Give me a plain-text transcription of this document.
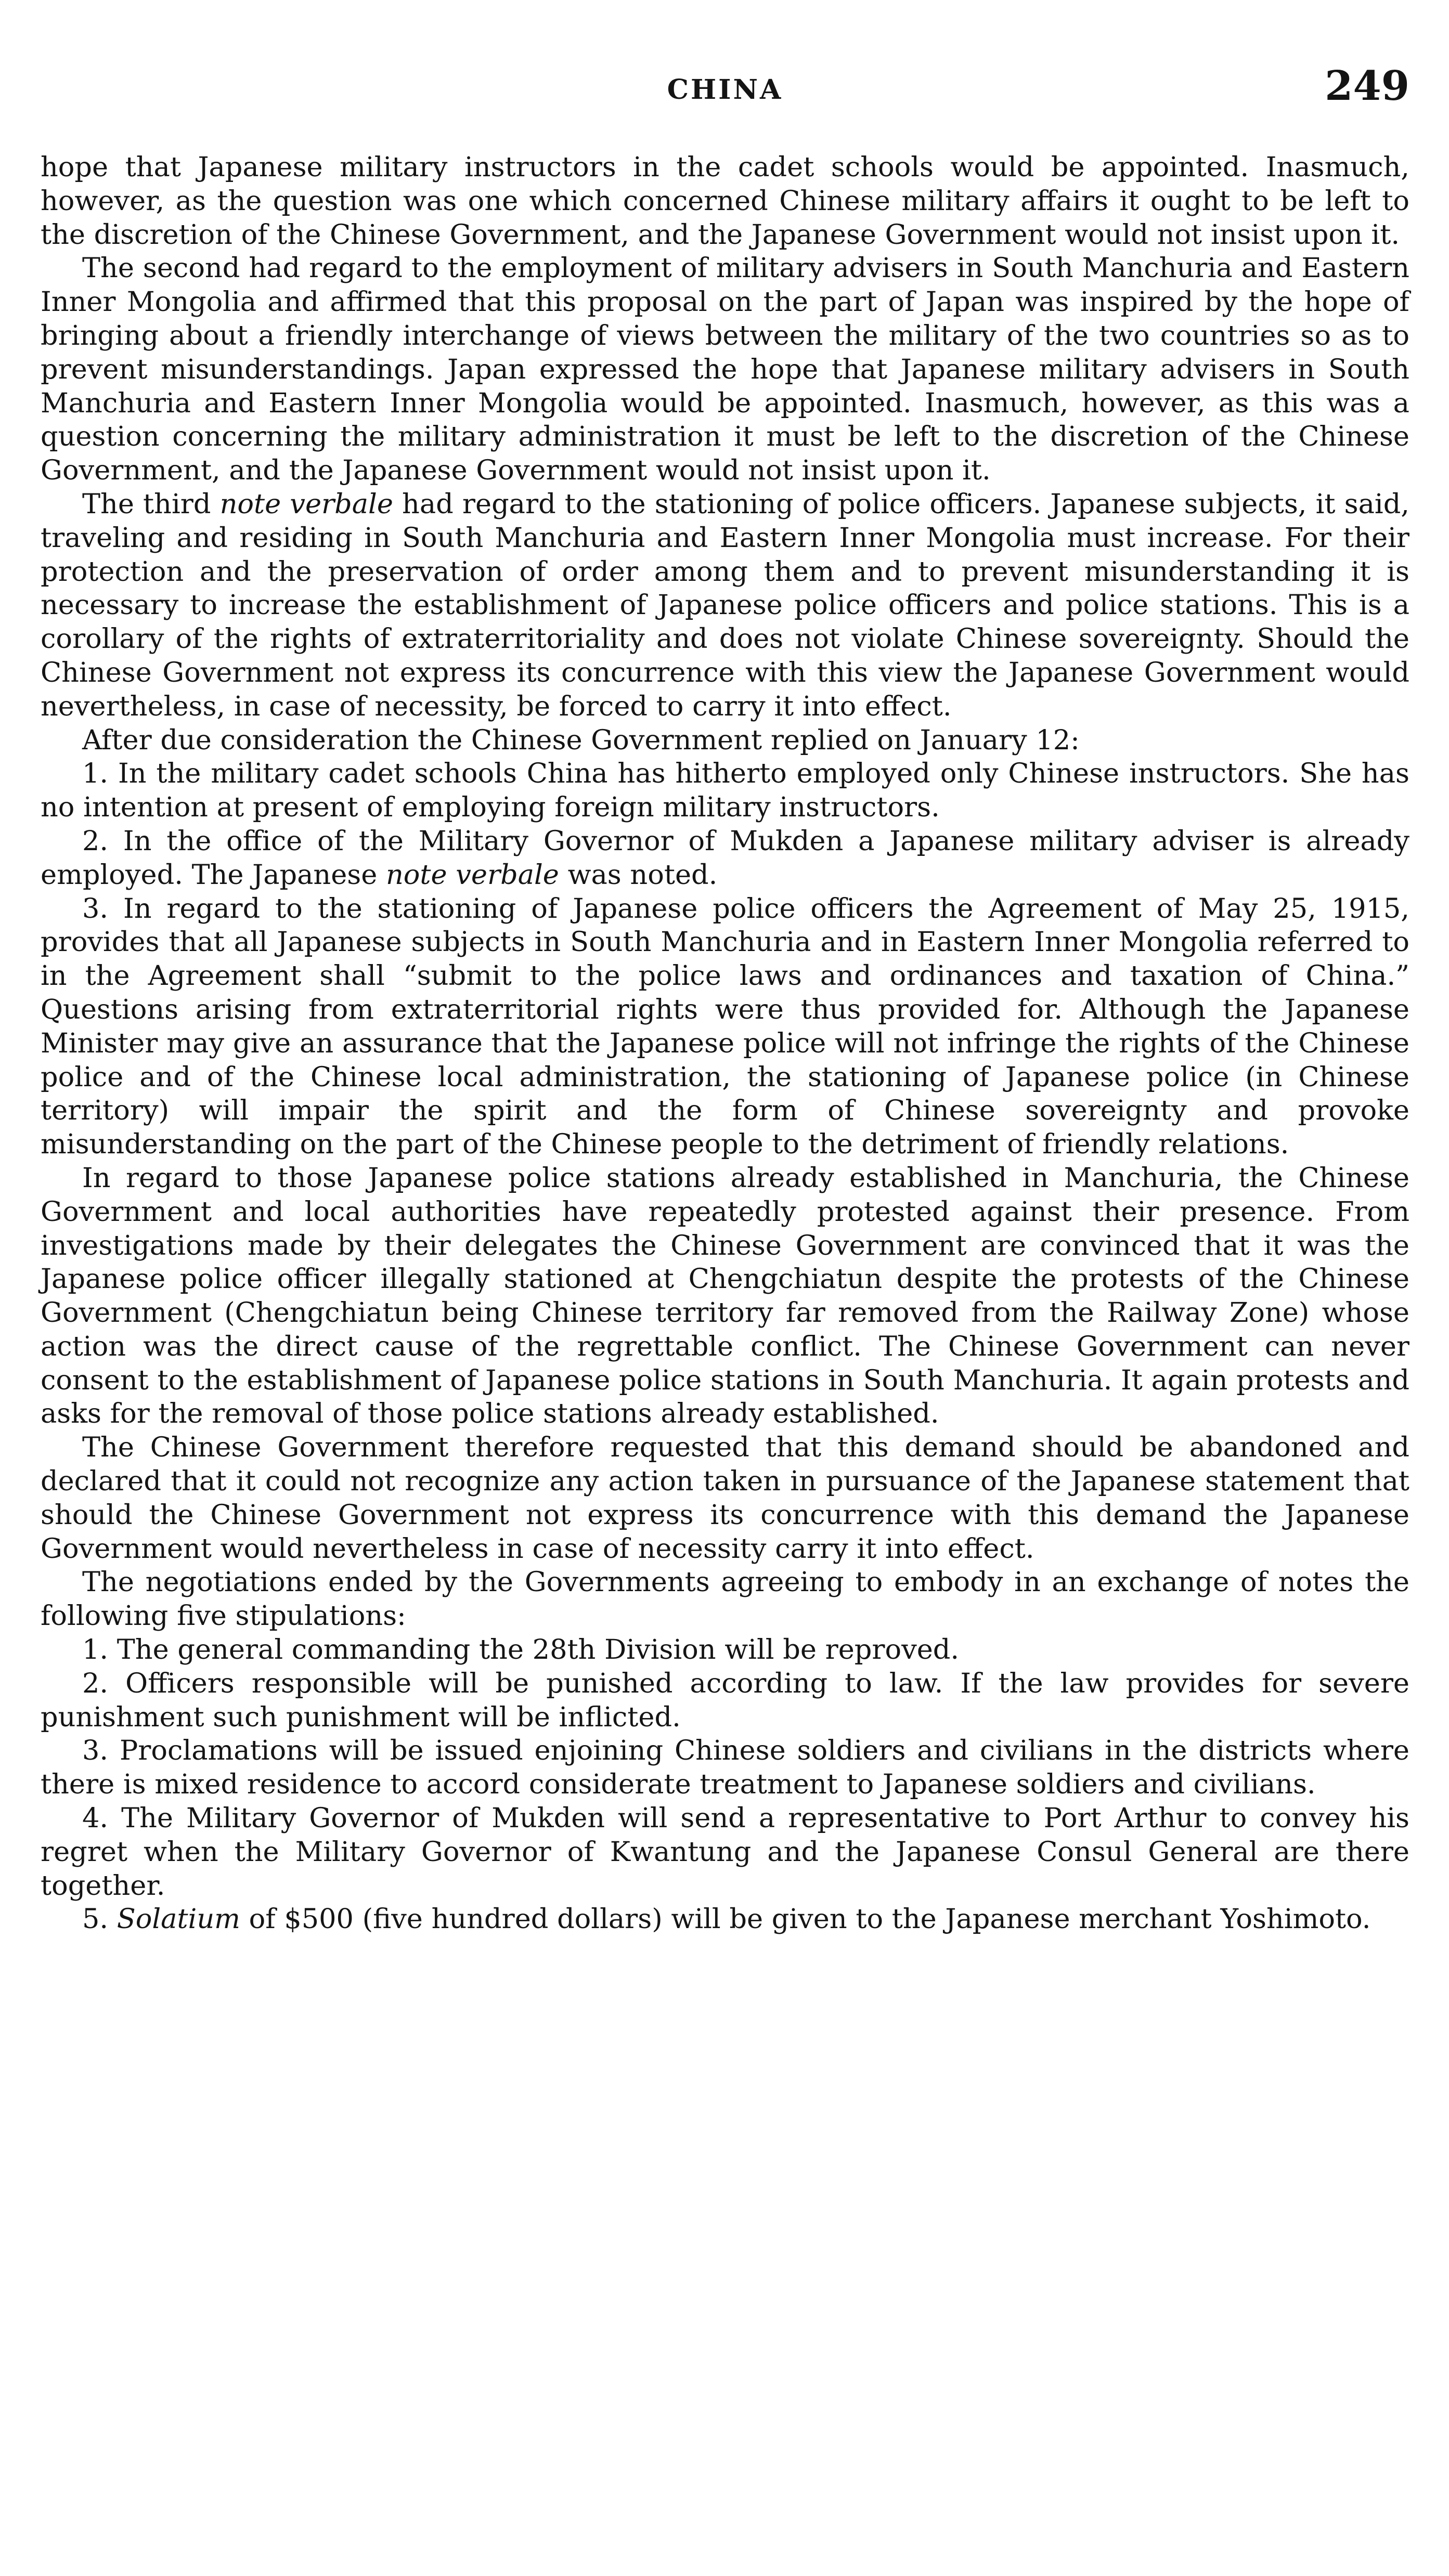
CHINA	249

hope that Japanese military instructors in the cadet schools would be appointed. Inasmuch, however, as the question was one which concerned Chinese military affairs it ought to be left to the discretion of the Chinese Government, and the Japanese Government would not insist upon it.

The second had regard to the employment of military advisers in South Manchuria and Eastern Inner Mongolia and affirmed that this proposal on the part of Japan was inspired by the hope of bringing about a friendly interchange of views between the military of the two countries so as to prevent misunderstandings. Japan expressed the hope that Japanese military advisers in South Manchuria and Eastern Inner Mongolia would be appointed. Inasmuch, however, as this was a question concerning the military administration it must be left to the discretion of the Chinese Government, and the Japanese Government would not insist upon it.

The third note verbale had regard to the stationing of police officers. Japanese subjects, it said, traveling and residing in South Manchuria and Eastern Inner Mongolia must increase. For their protection and the preservation of order among them and to prevent misunderstanding it is necessary to increase the establishment of Japanese police officers and police stations. This is a corollary of the rights of extraterritoriality and does not violate Chinese sovereignty. Should the Chinese Government not express its concurrence with this view the Japanese Government would nevertheless, in case of necessity, be forced to carry it into effect.

After due consideration the Chinese Government replied on January 12:

1. In the military cadet schools China has hitherto employed only Chinese instructors. She has no intention at present of employing foreign military instructors.

2. In the office of the Military Governor of Mukden a Japanese military adviser is already employed. The Japanese note verbale was noted.

3. In regard to the stationing of Japanese police officers the Agreement of May 25, 1915, provides that all Japanese subjects in South Manchuria and in Eastern Inner Mongolia referred to in the Agreement shall “submit to the police laws and ordinances and taxation of China.” Questions arising from extraterritorial rights were thus provided for. Although the Japanese Minister may give an assurance that the Japanese police will not infringe the rights of the Chinese police and of the Chinese local administration, the stationing of Japanese police (in Chinese territory) will impair the spirit and the form of Chinese sovereignty and provoke misunderstanding on the part of the Chinese people to the detriment of friendly relations.

In regard to those Japanese police stations already established in Manchuria, the Chinese Government and local authorities have repeatedly protested against their presence. From investigations made by their delegates the Chinese Government are convinced that it was the Japanese police officer illegally stationed at Chengchiatun despite the protests of the Chinese Government (Chengchiatun being Chinese territory far removed from the Railway Zone) whose action was the direct cause of the regrettable conflict. The Chinese Government can never consent to the establishment of Japanese police stations in South Manchuria. It again protests and asks for the removal of those police stations already established.

The Chinese Government therefore requested that this demand should be abandoned and declared that it could not recognize any action taken in pursuance of the Japanese statement that should the Chinese Government not express its concurrence with this demand the Japanese Government would nevertheless in case of necessity carry it into effect.

The negotiations ended by the Governments agreeing to embody in an exchange of notes the following five stipulations:

1. The general commanding the 28th Division will be reproved.

2. Officers responsible will be punished according to law. If the law provides for severe punishment such punishment will be inflicted.

3. Proclamations will be issued enjoining Chinese soldiers and civilians in the districts where there is mixed residence to accord considerate treatment to Japanese soldiers and civilians.

4. The Military Governor of Mukden will send a representative to Port Arthur to convey his regret when the Military Governor of Kwantung and the Japanese Consul General are there together.

5. Solatium of $500 (five hundred dollars) will be given to the Japanese merchant Yoshimoto.
